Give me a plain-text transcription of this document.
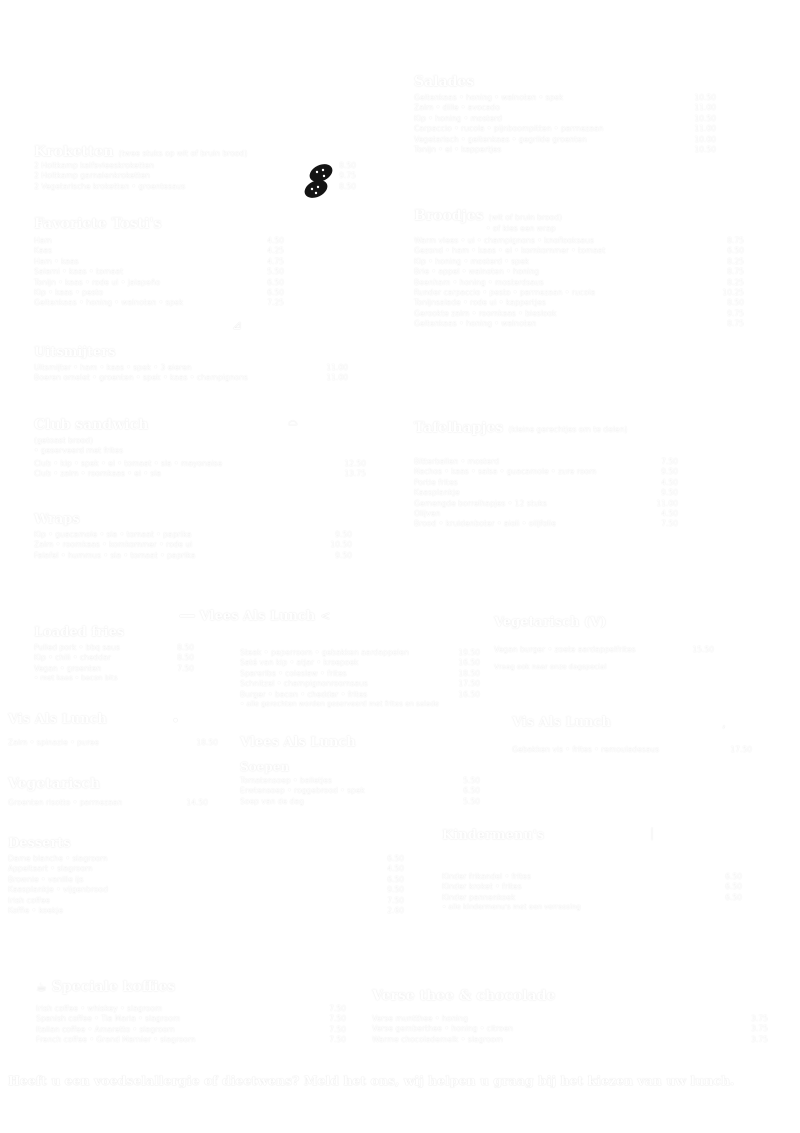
Salades
Geitenkaas • honing • walnoten • spek	10.50
Zalm • dille • avocado	11.00
Kip • honing • mosterd	10.50
Carpaccio • rucola • pijnboompitten • parmezaan	11.00
Vegetarisch • geitenkaas • gegrilde groenten	10.00
Tonijn • ei • kappertjes	10.50
Kroketten (twee stuks op wit of bruin brood)
2 Holtkamp kalfsvleeskroketten	8.50
2 Holtkamp garnalenkroketten	9.75
2 Vegetarische kroketten • groentesaus	8.50
Broodjes (wit of bruin brood)
• of kies een wrap
Warm vlees • ui • champignons • knoflooksaus	8.75
Gezond • ham • kaas • ei • komkommer • tomaat	6.50
Kip • honing • mosterd • spek	8.25
Brie • appel • walnoten • honing	8.75
Beenham • honing • mosterdsaus	8.25
Runder carpaccio • pesto • parmezaan • rucola	10.25
Tonijnsalade • rode ui • kappertjes	8.50
Gerookte zalm • roomkaas • bieslook	9.75
Geitenkaas • honing • walnoten	8.75
Favoriete Tosti's
Ham	4.50
Kaas	4.25
Ham • kaas	4.75
Salami • kaas • tomaat	5.50
Tonijn • kaas • rode ui • jalapeño	6.50
Kip • kaas • pesto	6.50
Geitenkaas • honing • walnoten • spek	7.25
⊿
Uitsmijters
Uitsmijter • ham • kaas • spek • 3 eieren	11.00
Boeren omelet • groenten • spek • kaas • champignons	11.00
Club sandwich
(getoast brood)
• geserveerd met frites
Club • kip • spek • ei • tomaat • sla • mayonaise	12.50
Club • zalm • roomkaas • ei • sla	13.75
⌓	Tafelhapjes (kleine gerechtjes om te delen)
Bitterballen • mosterd	7.50
Nachos • kaas • salsa • guacamole • zure room	9.50
Portie frites	4.50
Kaasplankje	9.50
Gemengde borrelhapjes • 12 stuks	11.00
Olijven	4.50
Brood • kruidenboter • aioli • olijfolie	7.50
Wraps
Kip • guacamole • sla • tomaat • paprika	9.50
Zalm • roomkaas • komkommer • rode ui	10.50
Falafel • hummus • sla • tomaat • paprika	9.50
━━ Vlees Als Lunch <
Loaded fries
Pulled pork • bbq saus	8.50
Kip • chili • cheddar	8.50
Vegan • groenten	7.50
• met kaas • bacon bits
Steak • peperroom • gebakken aardappelen	19.50
Saté van kip • atjar • kroepoek	16.50
Spareribs • coleslaw • frites	18.50
Schnitzel • champignonroomsaus	17.50
Burger • bacon • cheddar • frites	16.50
• alle gerechten worden geserveerd met frites en salade
Vegetarisch (V)
Vegan burger • zoete aardappelfrites	15.50
Vraag ook naar onze dagspecial
Vis Als Lunch
Zalm • spinazie • puree	18.50
•
Vlees Als Lunch
Vis Als Lunch
Gebakken vis • frites • remouladesaus	17.50
,
Vegetarisch
Groenten risotto • parmezaan	14.50
Soepen
Tomatensoep • balletjes	5.50
Erwtensoep • roggebrood • spek	6.50
Soep van de dag	5.50
Desserts
Dame blanche • slagroom	6.50
Appeltaart • slagroom	4.50
Brownie • vanille ijs	6.50
Kaasplankje • vijgenbrood	9.50
Irish coffee	7.50
Koffie • koekje	2.60
Kindermenu's
Kinder frikandel • frites	6.50
Kinder kroket • frites	6.50
Kinder pannenkoek	6.50
• alle kindermenu's met een verrassing
|
☕ Speciale koffies
Irish coffee • whiskey • slagroom	7.50
Spanish coffee • Tia Maria • slagroom	7.50
Italian coffee • Amaretto • slagroom	7.50
French coffee • Grand Marnier • slagroom	7.50
Verse thee & chocolade
Verse muntthee • honing	3.75
Verse gemberthee • honing • citroen	3.75
Warme chocolademelk • slagroom	3.75
Heeft u een voedselallergie of dieetwens? Meld het ons, wij helpen u graag bij het kiezen van uw lunch.
